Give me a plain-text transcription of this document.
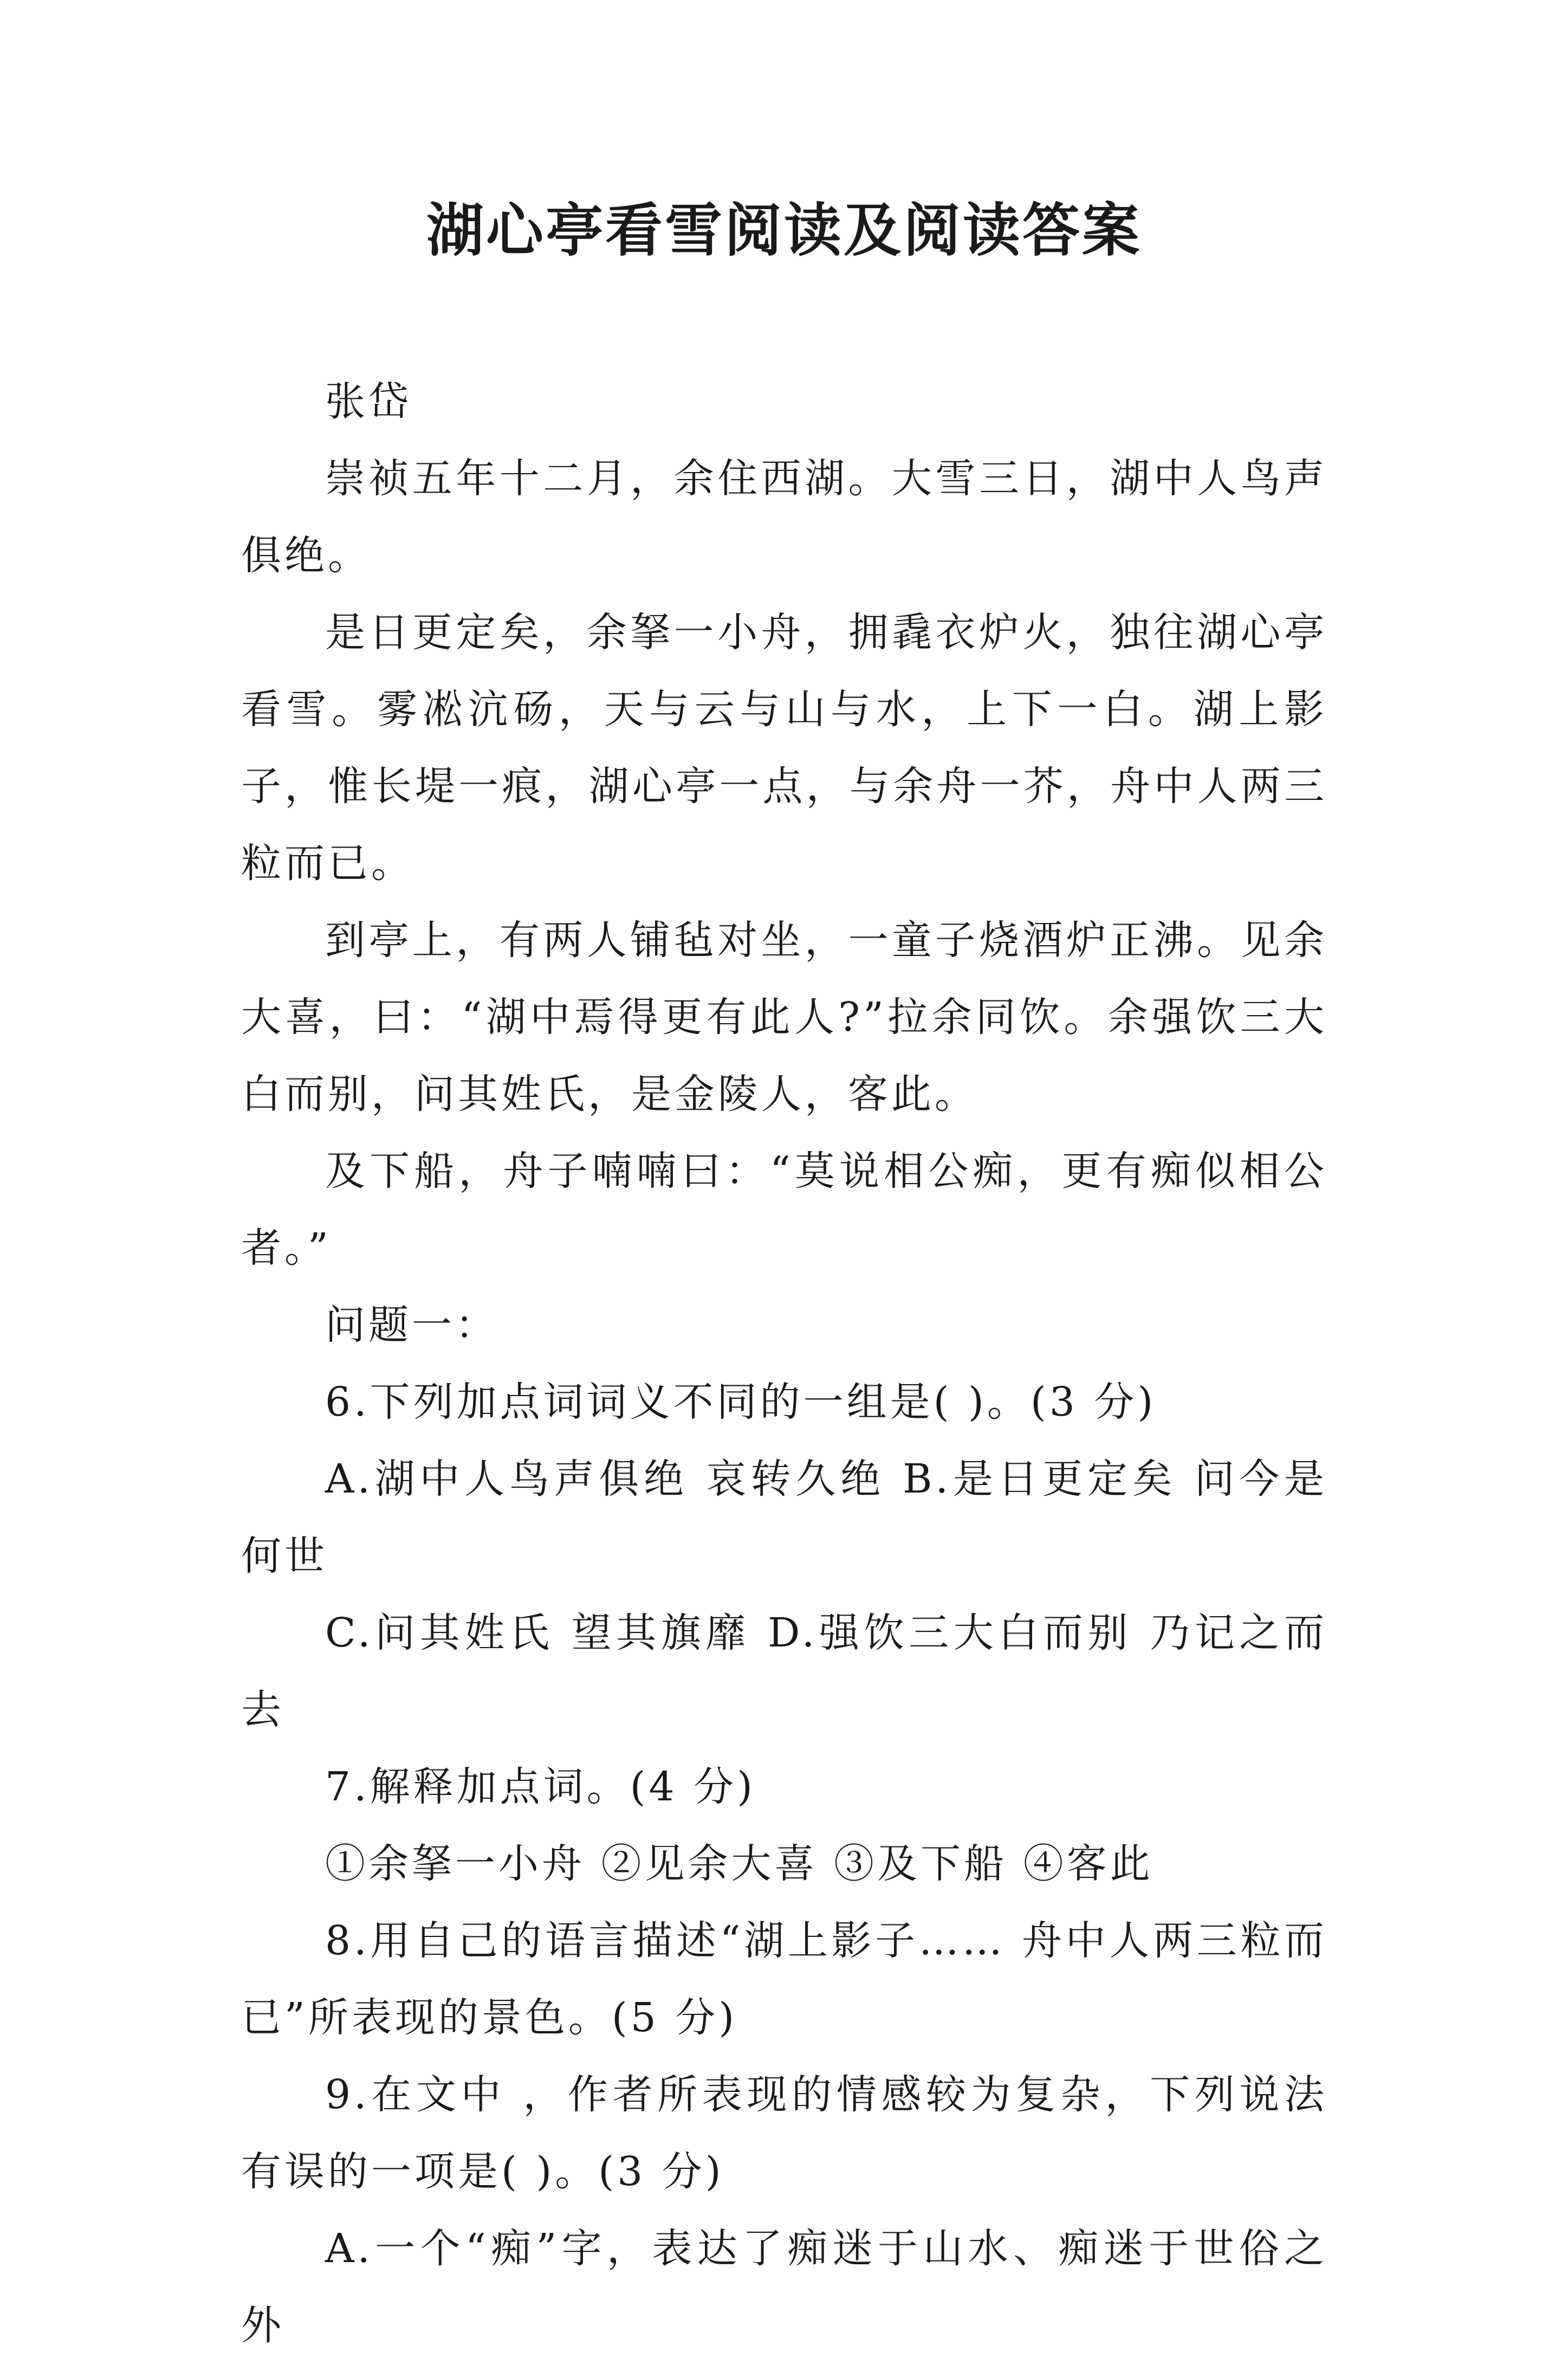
湖心亭看雪阅读及阅读答案

张岱

崇祯五年十二月，余住西湖。大雪三日，湖中人鸟声俱绝。

是日更定矣，余拏一小舟，拥毳衣炉火，独往湖心亭看雪。雾凇沆砀，天与云与山与水，上下一白。湖上影子，惟长堤一痕，湖心亭一点，与余舟一芥，舟中人两三粒而已。

到亭上，有两人铺毡对坐，一童子烧酒炉正沸。见余大喜，曰：“湖中焉得更有此人?”拉余同饮。余强饮三大白而别，问其姓氏，是金陵人，客此。

及下船，舟子喃喃曰：“莫说相公痴，更有痴似相公者。”

问题一：

6.下列加点词词义不同的一组是( )。(3 分)

A.湖中人鸟声俱绝 哀转久绝 B.是日更定矣 问今是何世

C.问其姓氏 望其旗靡 D.强饮三大白而别 乃记之而去

7.解释加点词。(4 分)

①余拏一小舟 ②见余大喜 ③及下船 ④客此

8.用自己的语言描述“湖上影子…… 舟中人两三粒而已”所表现的景色。(5 分)

9.在文中 ，作者所表现的情感较为复杂，下列说法有误的一项是( )。(3 分)

A.一个“痴”字，表达了痴迷于山水、痴迷于世俗之外
